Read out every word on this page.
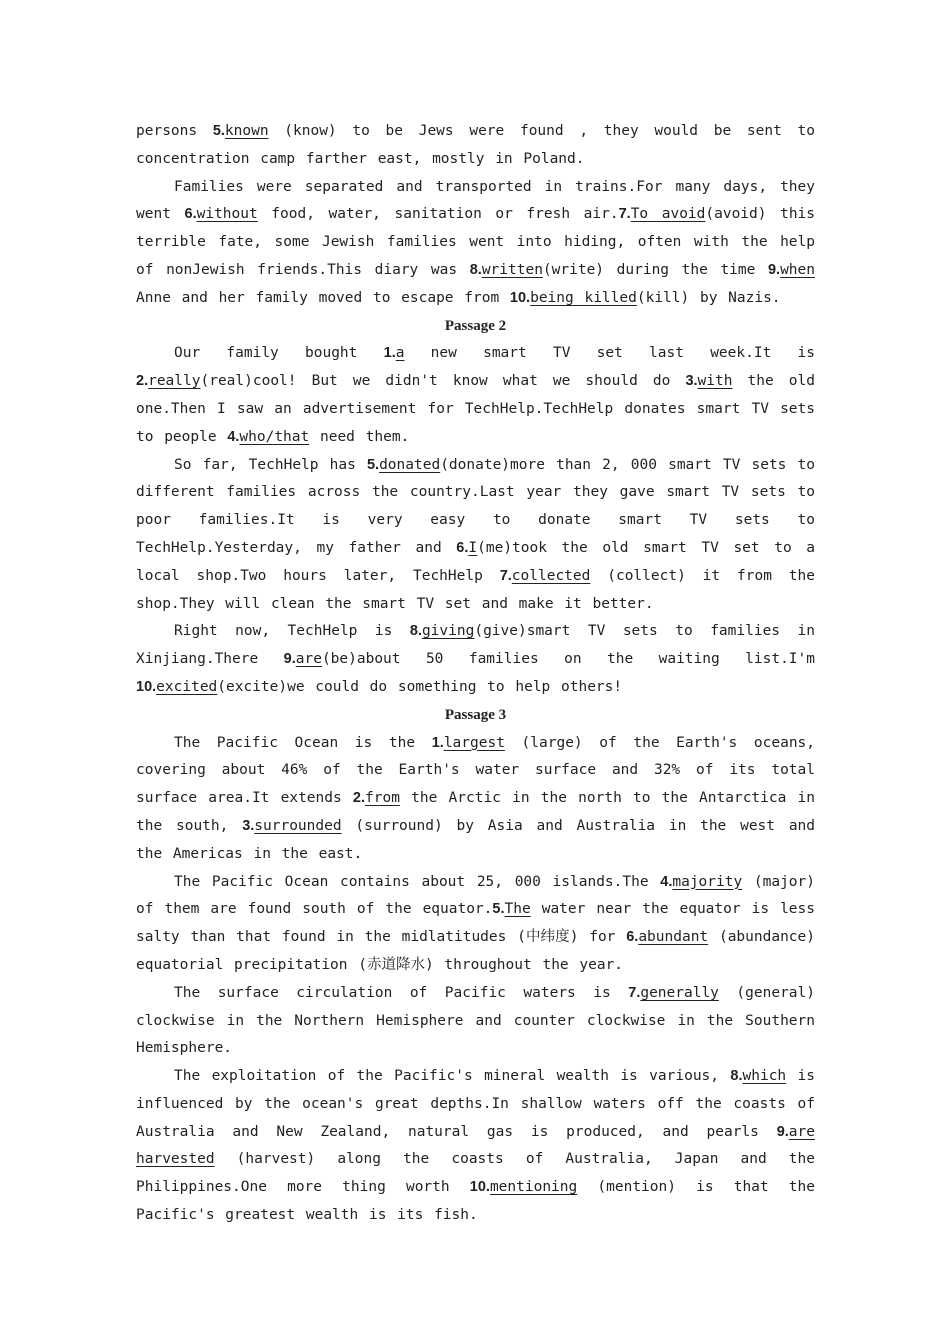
persons 5.known (know) to be Jews were found , they would be sent to concentration camp farther east, mostly in Poland.

Families were separated and transported in trains.For many days, they went 6.without food, water, sanitation or fresh air.7.To avoid(avoid) this terrible fate, some Jewish families went into hiding, often with the help of nonJewish friends.This diary was 8.written(write) during the time 9.when Anne and her family moved to escape from 10.being killed(kill) by Nazis.

Passage 2

Our family bought 1.a new smart TV set last week.It is 2.really(real)cool! But we didn't know what we should do 3.with the old one.Then I saw an advertisement for TechHelp.TechHelp donates smart TV sets to people 4.who/that need them.

So far, TechHelp has 5.donated(donate)more than 2, 000 smart TV sets to different families across the country.Last year they gave smart TV sets to poor families.It is very easy to donate smart TV sets to TechHelp.Yesterday, my father and 6.I(me)took the old smart TV set to a local shop.Two hours later, TechHelp 7.collected (collect) it from the shop.They will clean the smart TV set and make it better.

Right now, TechHelp is 8.giving(give)smart TV sets to families in Xinjiang.There 9.are(be)about 50 families on the waiting list.I'm 10.excited(excite)we could do something to help others!

Passage 3

The Pacific Ocean is the 1.largest (large) of the Earth's oceans, covering about 46% of the Earth's water surface and 32% of its total surface area.It extends 2.from the Arctic in the north to the Antarctica in the south, 3.surrounded (surround) by Asia and Australia in the west and the Americas in the east.

The Pacific Ocean contains about 25, 000 islands.The 4.majority (major) of them are found south of the equator.5.The water near the equator is less salty than that found in the midlatitudes (中纬度) for 6.abundant (abundance) equatorial precipitation (赤道降水) throughout the year.

The surface circulation of Pacific waters is 7.generally (general) clockwise in the Northern Hemisphere and counter clockwise in the Southern Hemisphere.

The exploitation of the Pacific's mineral wealth is various, 8.which is influenced by the ocean's great depths.In shallow waters off the coasts of Australia and New Zealand, natural gas is produced, and pearls 9.are harvested (harvest) along the coasts of Australia, Japan and the Philippines.One more thing worth 10.mentioning (mention) is that the Pacific's greatest wealth is its fish.
